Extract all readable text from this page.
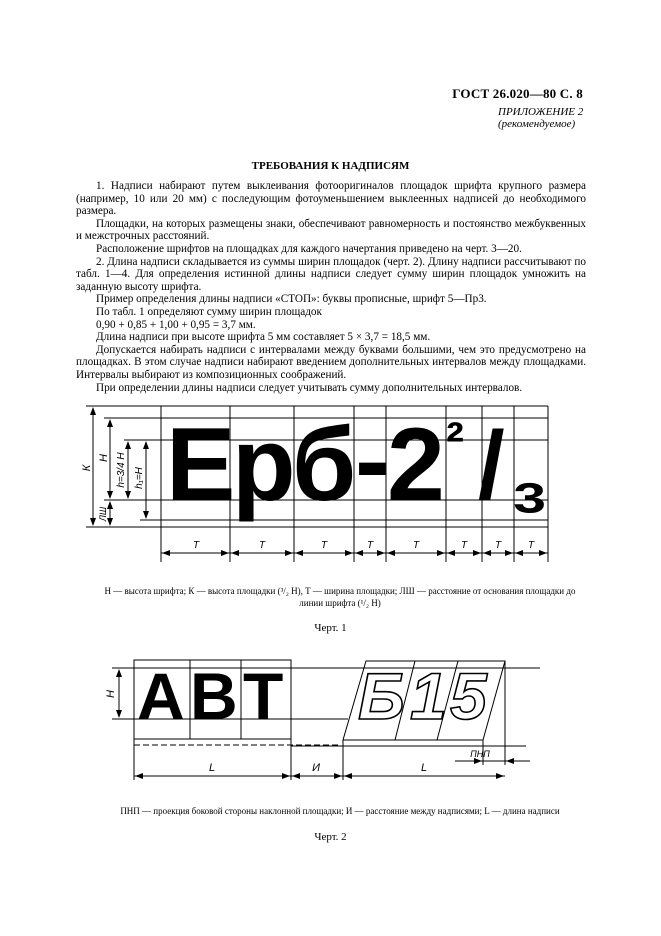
ГОСТ 26.020—80 С. 8
ПРИЛОЖЕНИЕ 2
(рекомендуемое)
ТРЕБОВАНИЯ К НАДПИСЯМ

1. Надписи набирают путем выклеивания фотооригиналов площадок шрифта крупного размера (например, 10 или 20 мм) с последующим фотоуменьшением выклеенных надписей до необходимого размера.

Площадки, на которых размещены знаки, обеспечивают равномерность и постоянство межбуквенных и межстрочных расстояний.

Расположение шрифтов на площадках для каждого начертания приведено на черт. 3—20.

2. Длина надписи складывается из суммы ширин площадок (черт. 2). Длину надписи рассчитывают по табл. 1—4. Для определения истинной длины надписи следует сумму ширин площадок умножить на заданную высоту шрифта.

Пример определения длины надписи «СТОП»: буквы прописные, шрифт 5—Пр3.

По табл. 1 определяют сумму ширин площадок

0,90 + 0,85 + 1,00 + 0,95 = 3,7 мм.

Длина надписи при высоте шрифта 5 мм составляет 5 × 3,7 = 18,5 мм.

Допускается набирать надписи с интервалами между буквами большими, чем это предусмотрено на площадках. В этом случае надписи набирают введением дополнительных интервалов между площадками. Интервалы выбирают из композиционных соображений.

При определении длины надписи следует учитывать сумму дополнительных интервалов.

Е
р
б
-
2 ² / ₃
К
Н h=3/4 H h₁=H
ЛШ
Т	Т	Т	Т	Т	Т	Т	Т
А В Т Б 1 5
Н
L	И	L
ПНП
Н — высота шрифта; К — высота площадки (³/₂ Н), Т — ширина площадки; ЛШ — расстояние от основания площадки до
линии шрифта (¹/₂ Н)
Черт. 1
ПНП — проекция боковой стороны наклонной площадки; И — расстояние между надписями; L — длина надписи
Черт. 2
